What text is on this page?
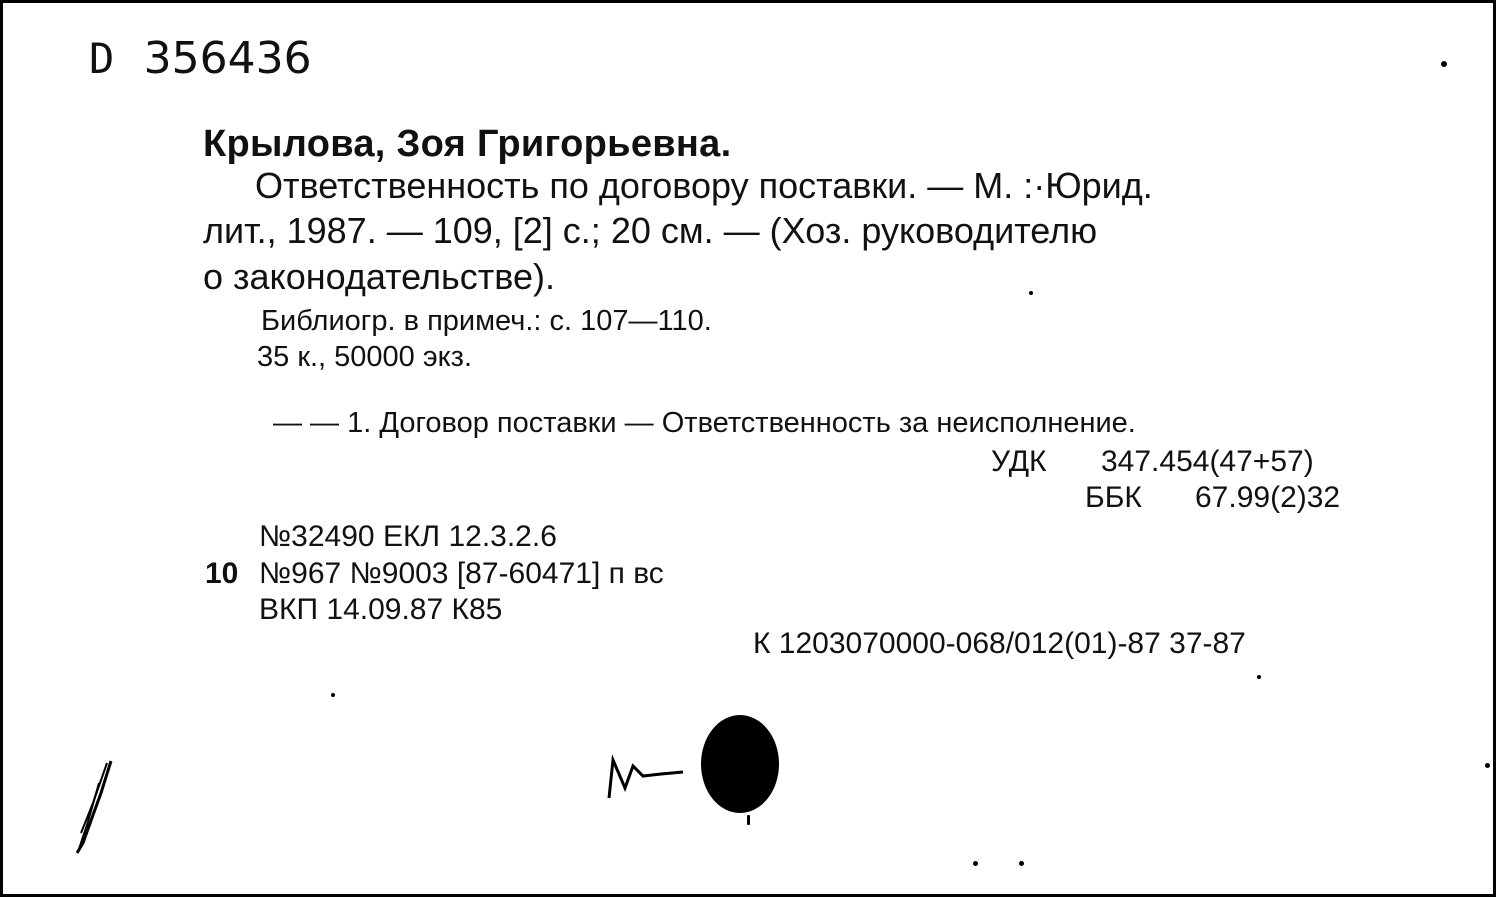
D 356436
Крылова, Зоя Григорьевна.
Ответственность по договору поставки. — М. :·Юрид.
лит., 1987. — 109, [2] с.; 20 см. — (Хоз. руководителю
о законодательстве).
Библиогр. в примеч.: с. 107—110.
35 к., 50000 экз.
— — 1. Договор поставки — Ответственность за неисполнение.
УДК 347.454(47+57)
ББК 67.99(2)32
№32490 ЕКЛ 12.3.2.6
10 №967 №9003 [87-60471] п вс
ВКП 14.09.87 К85
К 1203070000-068/012(01)-87 37-87
